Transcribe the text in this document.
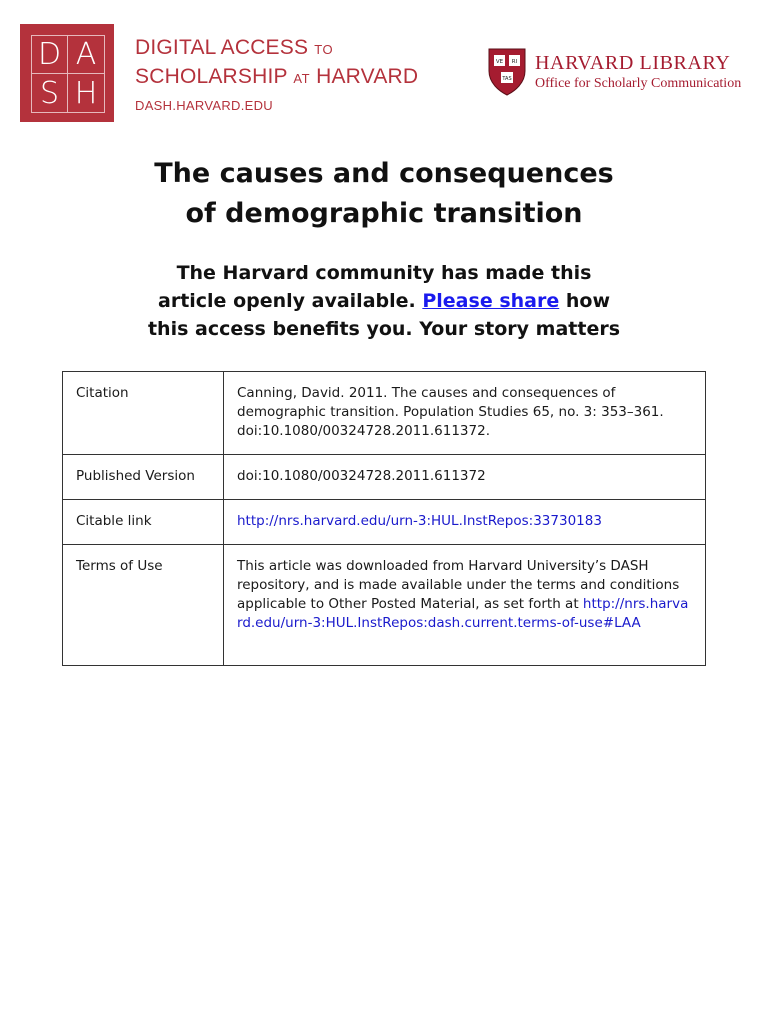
D A
S H
DIGITAL ACCESS TO
SCHOLARSHIP AT HARVARD
DASH.HARVARD.EDU
VE RI
TAS
HARVARD LIBRARY
Office for Scholarly Communication
The causes and consequences
of demographic transition
The Harvard community has made this
article openly available. Please share how
this access benefits you. Your story matters
Citation	Canning, David. 2011. The causes and consequences of demographic transition. Population Studies 65, no. 3: 353–361. doi:10.1080/00324728.2011.611372.
Published Version	doi:10.1080/00324728.2011.611372
Citable link	http://nrs.harvard.edu/urn-3:HUL.InstRepos:33730183
Terms of Use	This article was downloaded from Harvard University’s DASH repository, and is made available under the terms and conditions applicable to Other Posted Material, as set forth at http://nrs.harvard.edu/urn-3:HUL.InstRepos:dash.current.terms-of-use#LAA
